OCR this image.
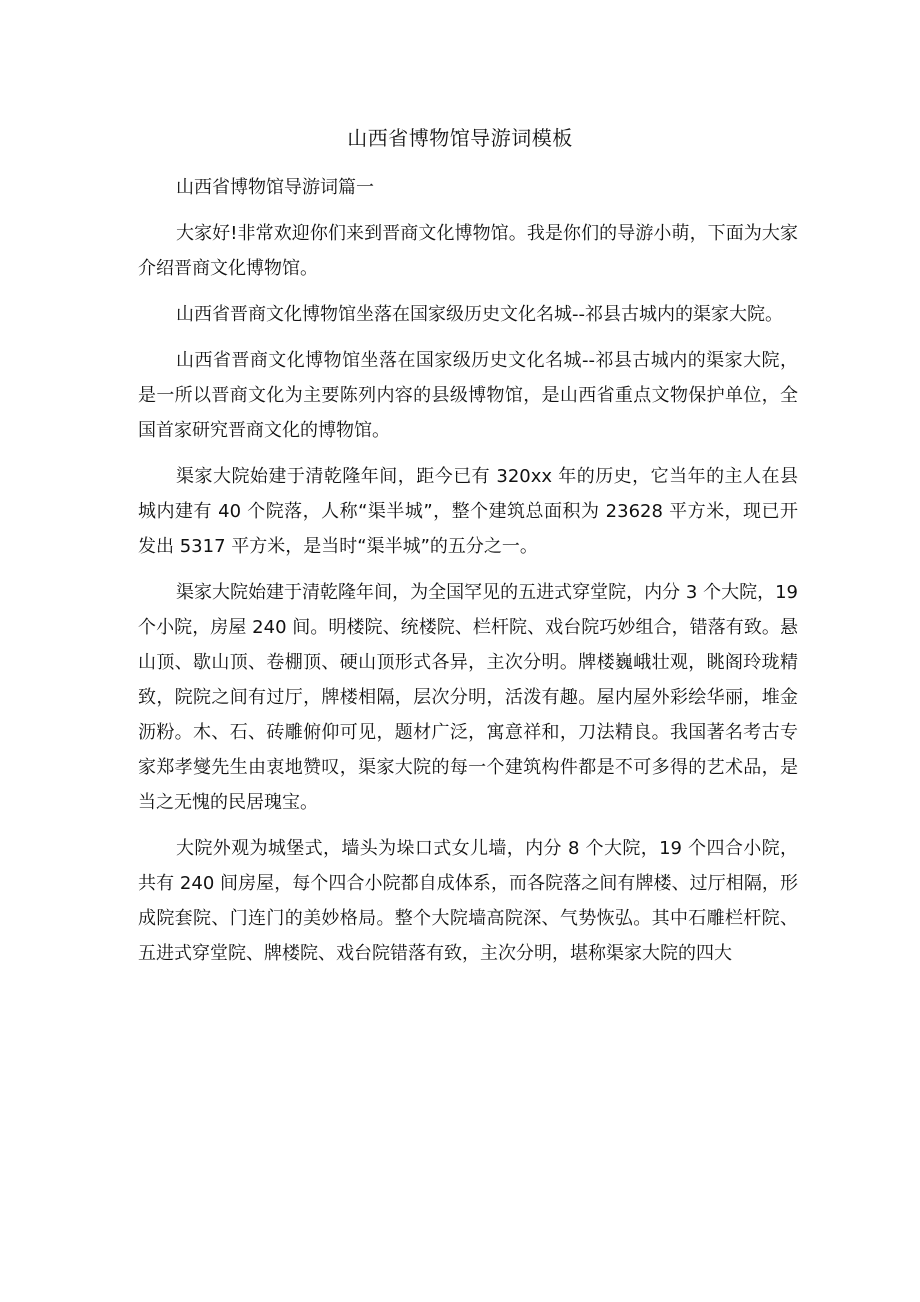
山西省博物馆导游词模板

山西省博物馆导游词篇一

大家好!非常欢迎你们来到晋商文化博物馆。我是你们的导游小萌，下面为大家介绍晋商文化博物馆。

山西省晋商文化博物馆坐落在国家级历史文化名城--祁县古城内的渠家大院。

山西省晋商文化博物馆坐落在国家级历史文化名城--祁县古城内的渠家大院，是一所以晋商文化为主要陈列内容的县级博物馆，是山西省重点文物保护单位，全国首家研究晋商文化的博物馆。

渠家大院始建于清乾隆年间，距今已有 320xx 年的历史，它当年的主人在县城内建有 40 个院落，人称“渠半城”，整个建筑总面积为 23628 平方米，现已开发出 5317 平方米，是当时“渠半城”的五分之一。

渠家大院始建于清乾隆年间，为全国罕见的五进式穿堂院，内分 3 个大院，19 个小院，房屋 240 间。明楼院、统楼院、栏杆院、戏台院巧妙组合，错落有致。悬山顶、歇山顶、卷棚顶、硬山顶形式各异，主次分明。牌楼巍峨壮观，眺阁玲珑精致，院院之间有过厅，牌楼相隔，层次分明，活泼有趣。屋内屋外彩绘华丽，堆金沥粉。木、石、砖雕俯仰可见，题材广泛，寓意祥和，刀法精良。我国著名考古专家郑孝燮先生由衷地赞叹，渠家大院的每一个建筑构件都是不可多得的艺术品，是当之无愧的民居瑰宝。

大院外观为城堡式，墙头为垛口式女儿墙，内分 8 个大院，19 个四合小院，共有 240 间房屋，每个四合小院都自成体系，而各院落之间有牌楼、过厅相隔，形成院套院、门连门的美妙格局。整个大院墙高院深、气势恢弘。其中石雕栏杆院、五进式穿堂院、牌楼院、戏台院错落有致，主次分明，堪称渠家大院的四大
